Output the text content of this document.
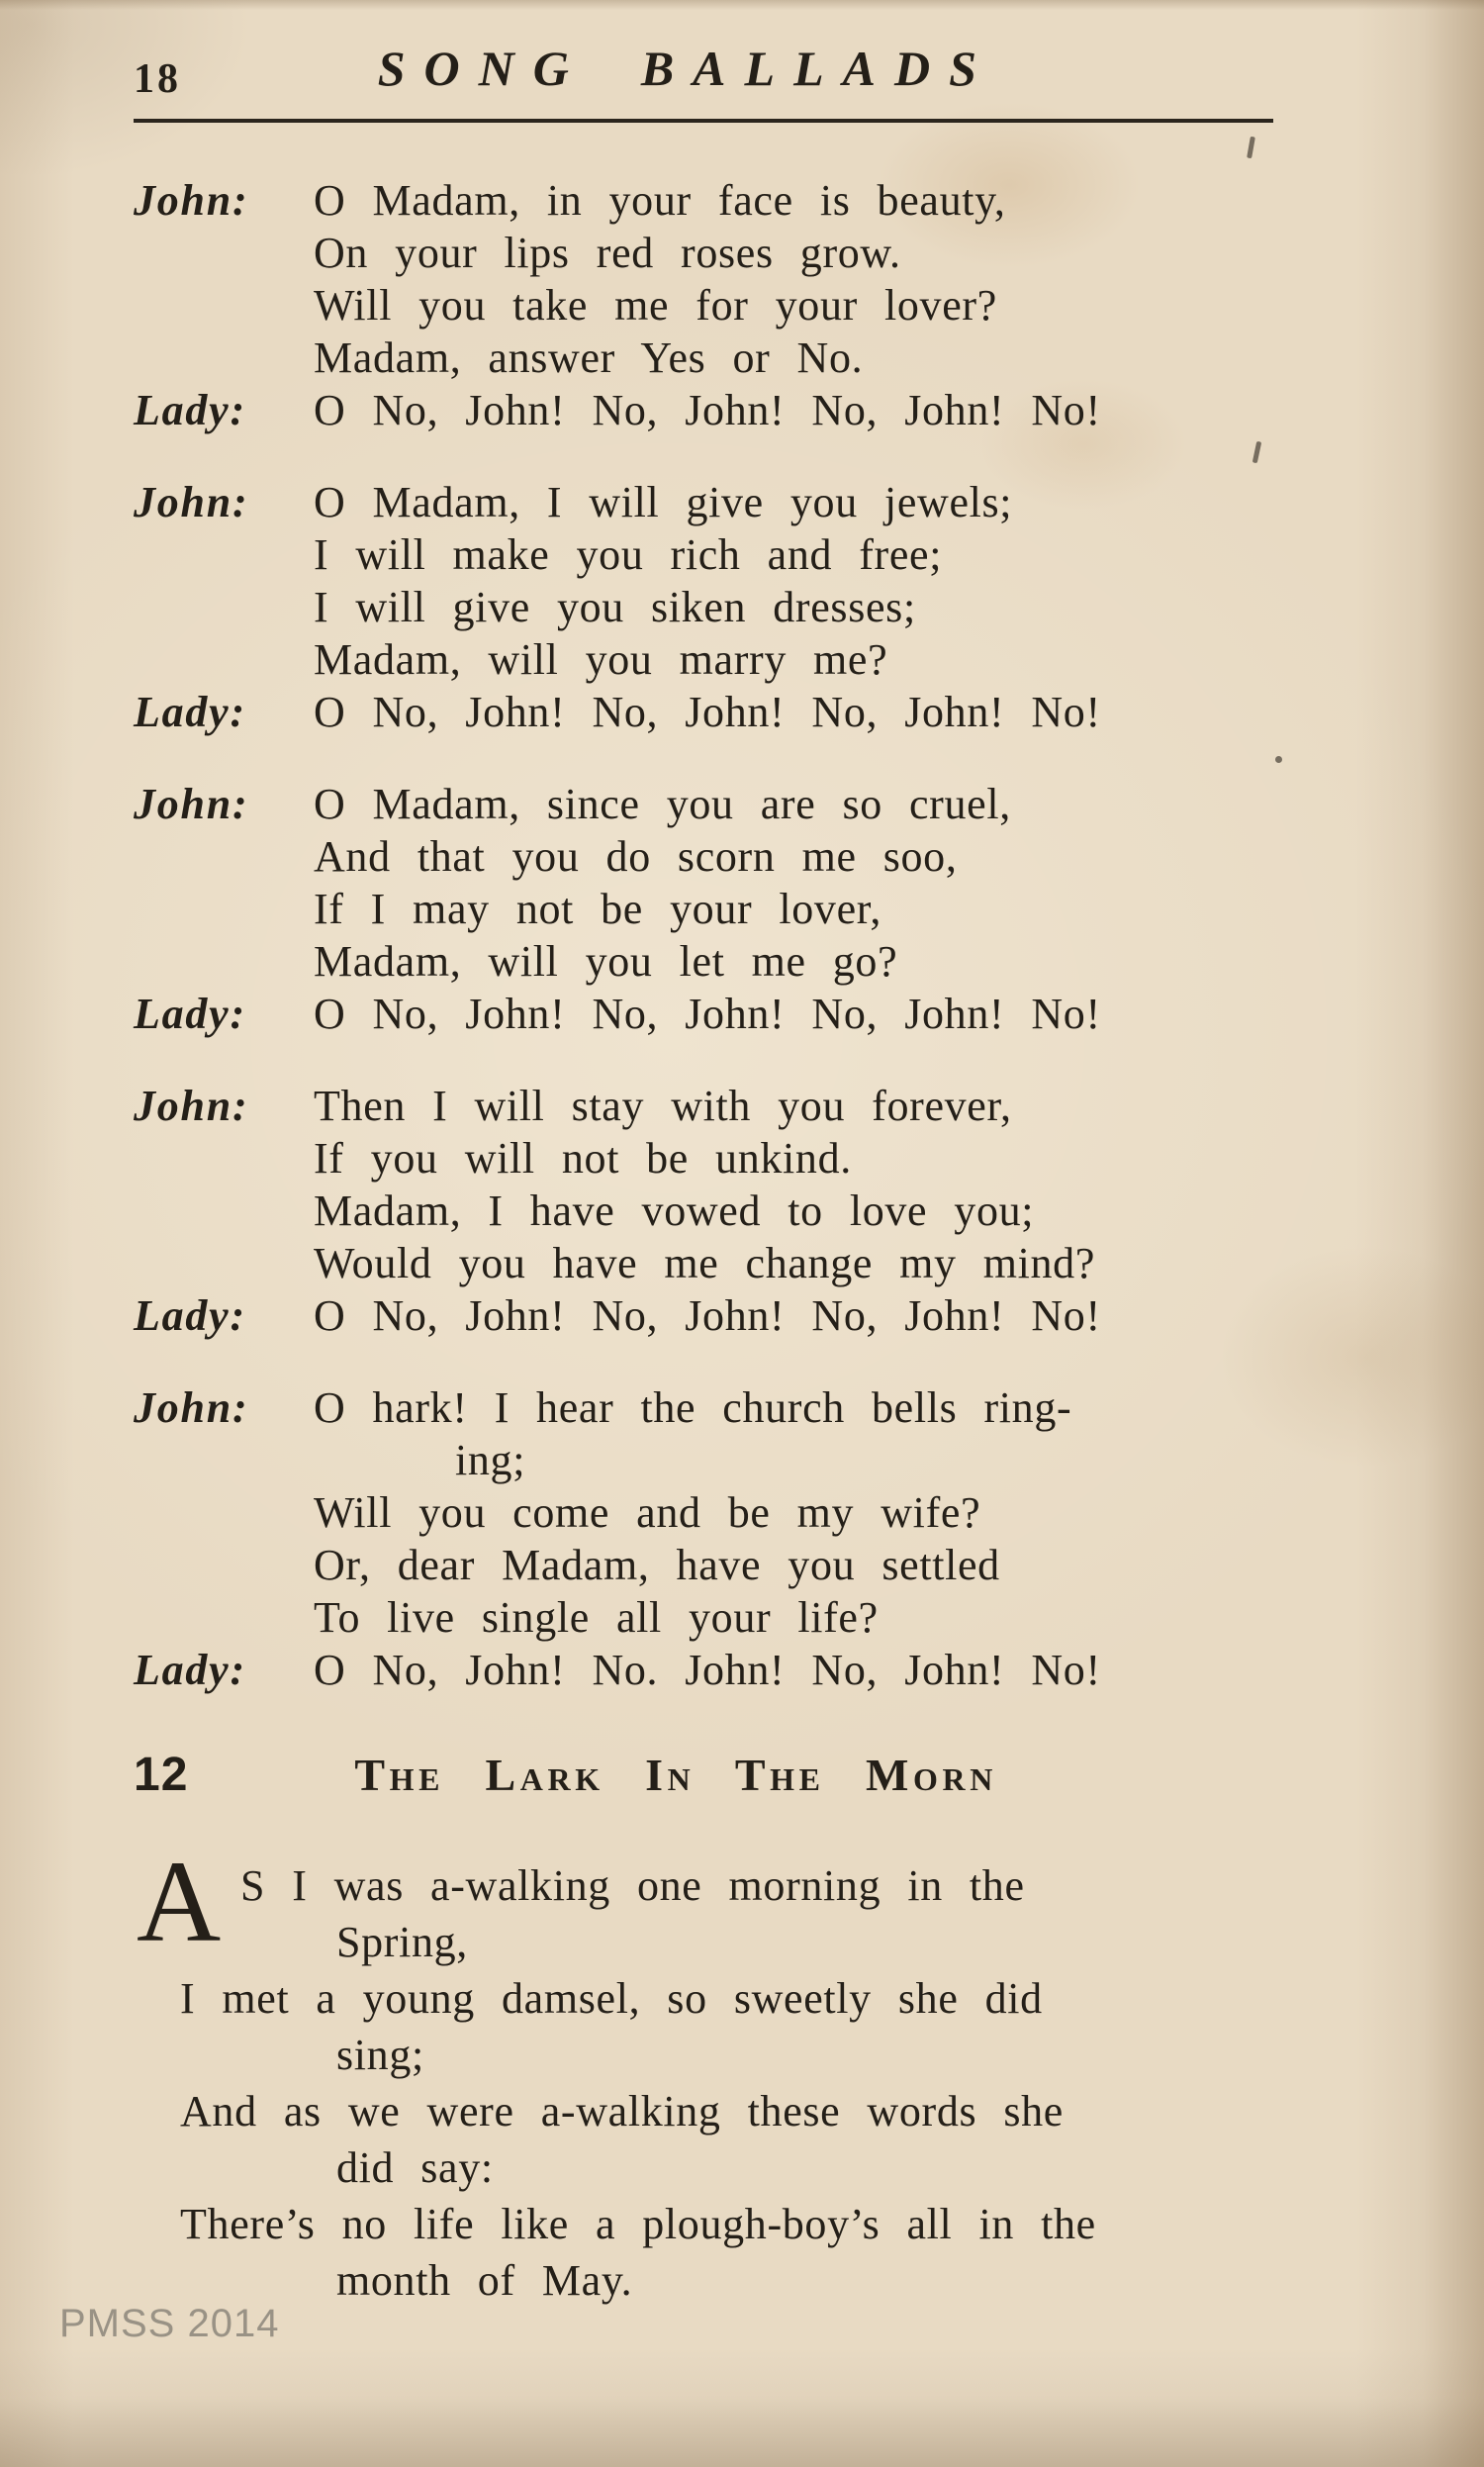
18	SONG BALLADS
John:	O Madam, in your face is beauty,
On your lips red roses grow.
Will you take me for your lover?
Madam, answer Yes or No.
Lady:	O No, John! No, John! No, John! No!
John:	O Madam, I will give you jewels;
I will make you rich and free;
I will give you siken dresses;
Madam, will you marry me?
Lady:	O No, John! No, John! No, John! No!
John:	O Madam, since you are so cruel,
And that you do scorn me soo,
If I may not be your lover,
Madam, will you let me go?
Lady:	O No, John! No, John! No, John! No!
John:	Then I will stay with you forever,
If you will not be unkind.
Madam, I have vowed to love you;
Would you have me change my mind?
Lady:	O No, John! No, John! No, John! No!
John:	O hark! I hear the church bells ring-
ing;
Will you come and be my wife?
Or, dear Madam, have you settled
To live single all your life?
Lady:	O No, John! No. John! No, John! No!
12	The Lark In The Morn
A S I was a-walking one morning in the
Spring,
I met a young damsel, so sweetly she did
sing;
And as we were a-walking these words she
did say:
There’s no life like a plough-boy’s all in the
month of May.
PMSS 2014
